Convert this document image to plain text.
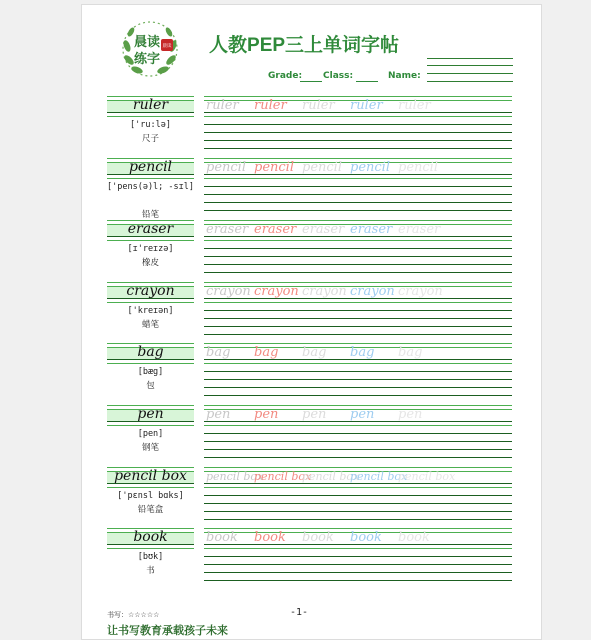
晨读
练字
晨读 人教PEP三上单词字帖
Grade: Class:	Name:
ruler
['ru:lə]
尺子
ruler ruler ruler ruler ruler
pencil
['pens(ə)l; -sɪl]
铅笔
pencil pencil pencil pencil pencil
eraser
[ɪ'reɪzə]
橡皮
eraser eraser eraser eraser eraser
crayon
['kreɪən]
蜡笔
crayon crayon crayon crayon crayon
bag
[bæg]
包
bag bag bag bag bag
pen
[pen]
钢笔
pen pen pen pen pen
pencil box
['pɛnsl bɑks]
铅笔盒
pencil box
pencil box
pencil box
pencil box
pencil box
book
[bʊk]
书
book book book book book
书写：☆☆☆☆☆	-1-
让书写教育承载孩子未来
